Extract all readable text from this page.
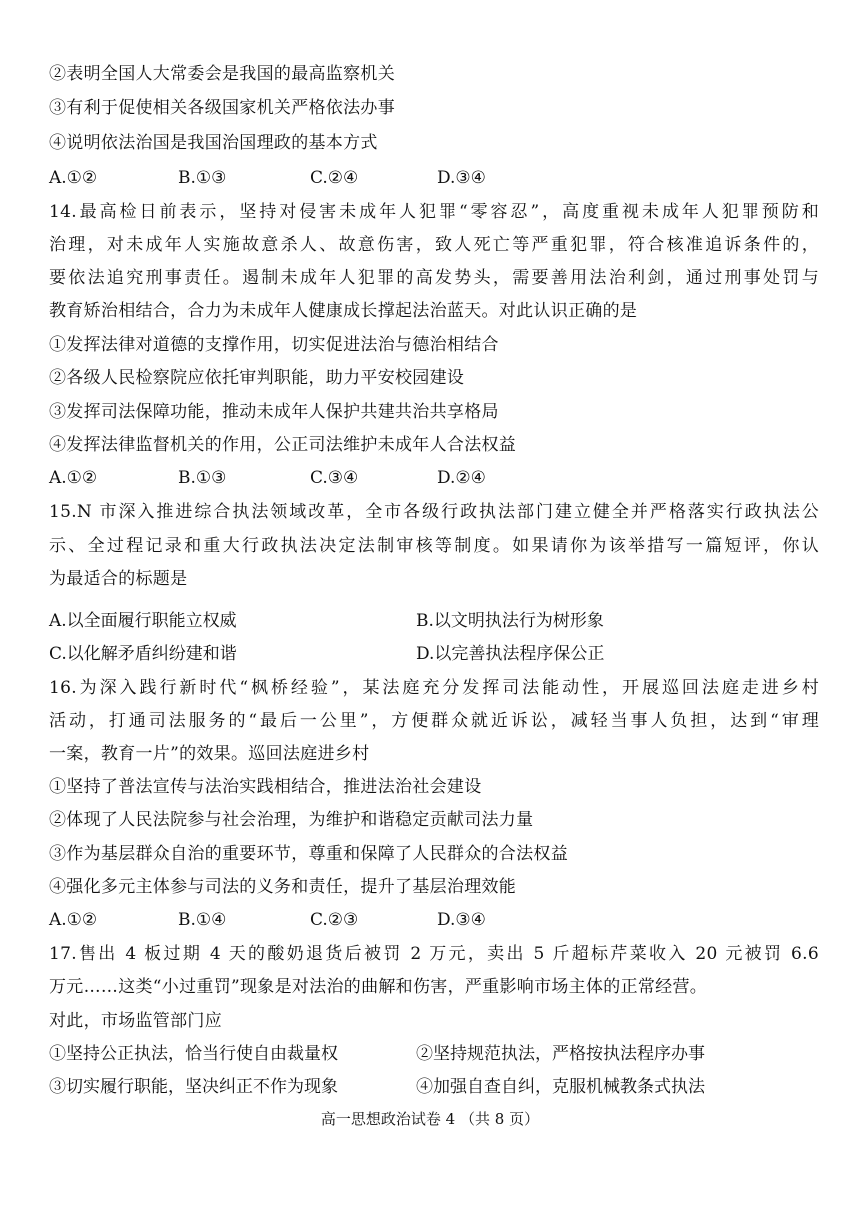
②表明全国人大常委会是我国的最高监察机关
③有利于促使相关各级国家机关严格依法办事
④说明依法治国是我国治国理政的基本方式
A.①②	B.①③	C.②④	D.③④
14.最高检日前表示，坚持对侵害未成年人犯罪“零容忍”，高度重视未成年人犯罪预防和
治理，对未成年人实施故意杀人、故意伤害，致人死亡等严重犯罪，符合核准追诉条件的，
要依法追究刑事责任。遏制未成年人犯罪的高发势头，需要善用法治利剑，通过刑事处罚与
教育矫治相结合，合力为未成年人健康成长撑起法治蓝天。对此认识正确的是
①发挥法律对道德的支撑作用，切实促进法治与德治相结合
②各级人民检察院应依托审判职能，助力平安校园建设
③发挥司法保障功能，推动未成年人保护共建共治共享格局
④发挥法律监督机关的作用，公正司法维护未成年人合法权益
A.①②	B.①③	C.③④	D.②④
15.N 市深入推进综合执法领域改革，全市各级行政执法部门建立健全并严格落实行政执法公
示、全过程记录和重大行政执法决定法制审核等制度。如果请你为该举措写一篇短评，你认
为最适合的标题是
A.以全面履行职能立权威	B.以文明执法行为树形象
C.以化解矛盾纠纷建和谐	D.以完善执法程序保公正
16.为深入践行新时代“枫桥经验”，某法庭充分发挥司法能动性，开展巡回法庭走进乡村
活动，打通司法服务的“最后一公里”，方便群众就近诉讼，减轻当事人负担，达到“审理
一案，教育一片”的效果。巡回法庭进乡村
①坚持了普法宣传与法治实践相结合，推进法治社会建设
②体现了人民法院参与社会治理，为维护和谐稳定贡献司法力量
③作为基层群众自治的重要环节，尊重和保障了人民群众的合法权益
④强化多元主体参与司法的义务和责任，提升了基层治理效能
A.①②	B.①④	C.②③	D.③④
17.售出 4 板过期 4 天的酸奶退货后被罚 2 万元，卖出 5 斤超标芹菜收入 20 元被罚 6.6
万元……这类“小过重罚”现象是对法治的曲解和伤害，严重影响市场主体的正常经营。
对此，市场监管部门应
①坚持公正执法，恰当行使自由裁量权	②坚持规范执法，严格按执法程序办事
③切实履行职能，坚决纠正不作为现象	④加强自查自纠，克服机械教条式执法
高一思想政治试卷 4 （共 8 页）
